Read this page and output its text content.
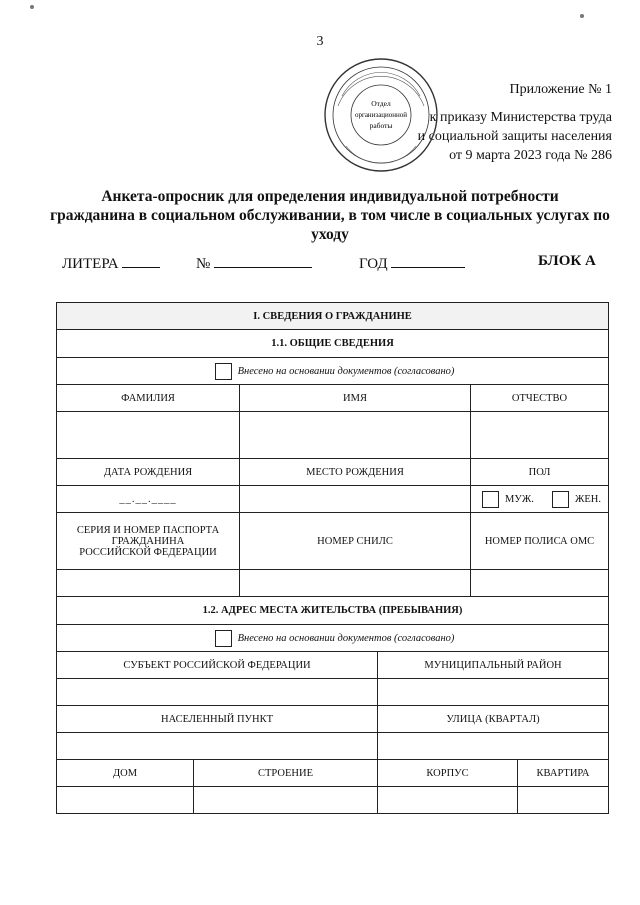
3
Приложение № 1
к приказу Министерства труда
и социальной защиты населения
от 9 марта 2023 года № 286
Отдел
организационной
работы
Анкета-опросник для определения индивидуальной потребности
гражданина в социальном обслуживании, в том числе в социальных услугах по
уходу
ЛИТЕРА	№	ГОД	БЛОК А
I. СВЕДЕНИЯ О ГРАЖДАНИНЕ					
1.1. ОБЩИЕ СВЕДЕНИЯ					
Внесено на основании документов (согласовано)					
ФАМИЛИЯ		ИМЯ		ОТЧЕСТВО	

ДАТА РОЖДЕНИЯ		МЕСТО РОЖДЕНИЯ		ПОЛ	
__.__.____				МУЖ. ЖЕН.	

СЕРИЯ И НОМЕР ПАСПОРТА
ГРАЖДАНИНА
РОССИЙСКОЙ ФЕДЕРАЦИИ		НОМЕР СНИЛС		НОМЕР ПОЛИСА ОМС	

1.2. АДРЕС МЕСТА ЖИТЕЛЬСТВА (ПРЕБЫВАНИЯ)					
Внесено на основании документов (согласовано)					
СУБЪЕКТ РОССИЙСКОЙ ФЕДЕРАЦИИ			МУНИЦИПАЛЬНЫЙ РАЙОН		

НАСЕЛЕННЫЙ ПУНКТ			УЛИЦА (КВАРТАЛ)		

ДОМ	СТРОЕНИЕ		КОРПУС		КВАРТИРА
